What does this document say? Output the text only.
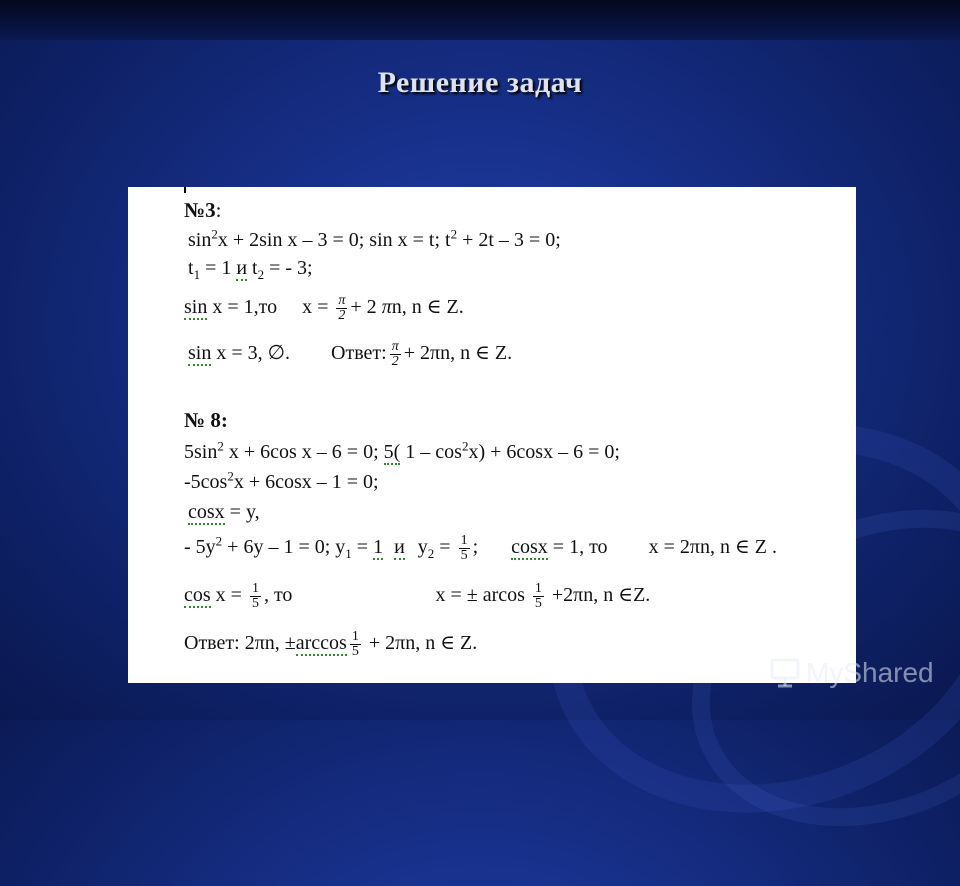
Решение задач
№3:
$\sin^2x + 2\sin$ x – 3 = 0; sin x = t; $t^2 + 2t - 3 = 0$;
$t_1 = 1$ и $t_2$ = - 3;
sin x = 1,то     $x = \frac{\pi}{2} + 2$ πn, n ∈ Z.
sin x = 3, ∅. Ответ: $\frac{\pi}{2} + 2\pi n$, n ∈ Z.
№ 8:
$5\sin^2$ x + 6cos x – 6 = 0; 5( $1 - \cos^2x) + 6\cos x - 6 = 0$;
$-5\cos^2x + 6\cos x - 1 = 0$;
cosx = y,
- $5y^2 + 6y - 1 = 0$; $y_1 = 1$ и $y_2 = \frac{1}{5}$ ; cosx = 1, то x = 2πn, n ∈ Z .
$\cos x = \frac{1}{5}$ , то	x = ± arcos $\frac{1}{5} +2\pi n$, n ∈Z.
Ответ: 2πn, $\pm\arccos \frac{1}{5} + 2\pi n$, n ∈ Z.
MyShared
